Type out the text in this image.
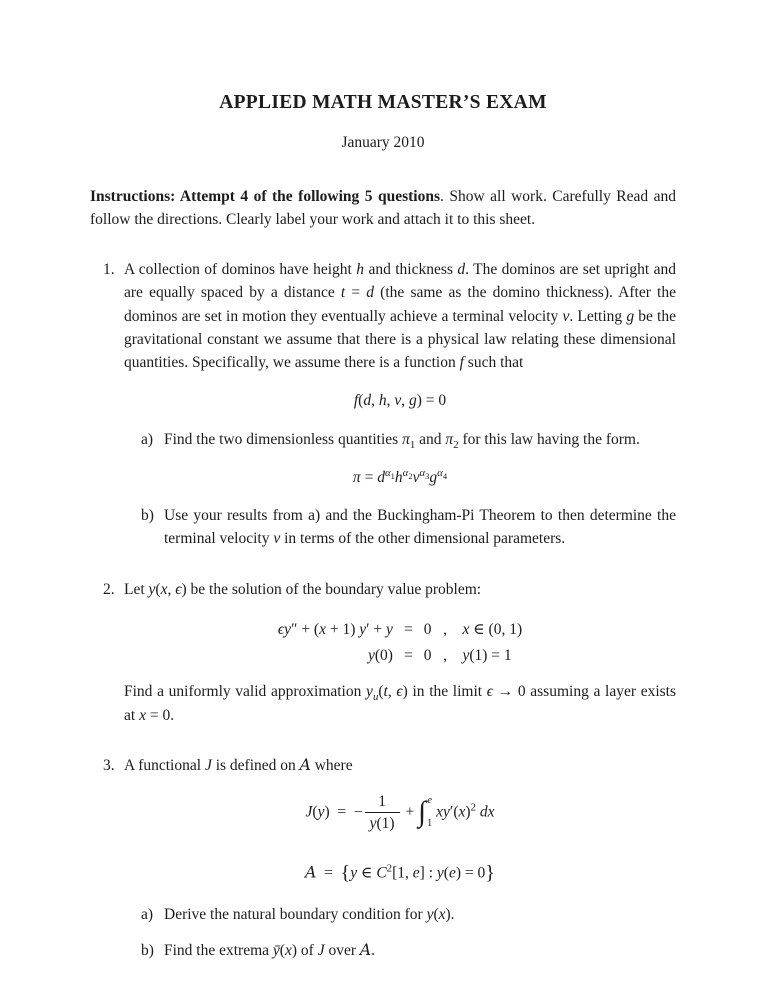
APPLIED MATH MASTER’S EXAM
January 2010

Instructions: Attempt 4 of the following 5 questions. Show all work. Carefully Read and follow the directions. Clearly label your work and attach it to this sheet.

1. A collection of dominos have height h and thickness d. The dominos are set upright and are equally spaced by a distance t = d (the same as the domino thickness). After the dominos are set in motion they eventually achieve a terminal velocity v. Letting g be the gravitational constant we assume that there is a physical law relating these dimensional quantities. Specifically, we assume there is a function f such that

f(d, h, v, g) = 0
a) Find the two dimensionless quantities $\pi_1$ and $\pi_2$ for this law having the form.
$\pi = d^{\alpha_1}h^{\alpha_2}v^{\alpha_3}g^{\alpha_4}$
b) Use your results from a) and the Buckingham-Pi Theorem to then determine the terminal velocity v in terms of the other dimensional parameters.
2. Let y(x, ϵ) be the solution of the boundary value problem:

ϵy″ + (x + 1) y′ + y	=	0   ,    x ∈ (0, 1)
y(0)	=	0   ,    y(1) = 1

Find a uniformly valid approximation $y_u(t$, ϵ) in the limit ϵ → 0 assuming a layer exists at x = 0.

3. A functional J is defined on A where

J(y)  =  − $\frac{1}{y(1)}$ + ∫ e
1
$xy'(x)^2$ dx
A  =  {y ∈ $C^2[1$, e] : y(e) = 0}
a) Derive the natural boundary condition for y(x).
b) Find the extrema ȳ(x) of J over A.
